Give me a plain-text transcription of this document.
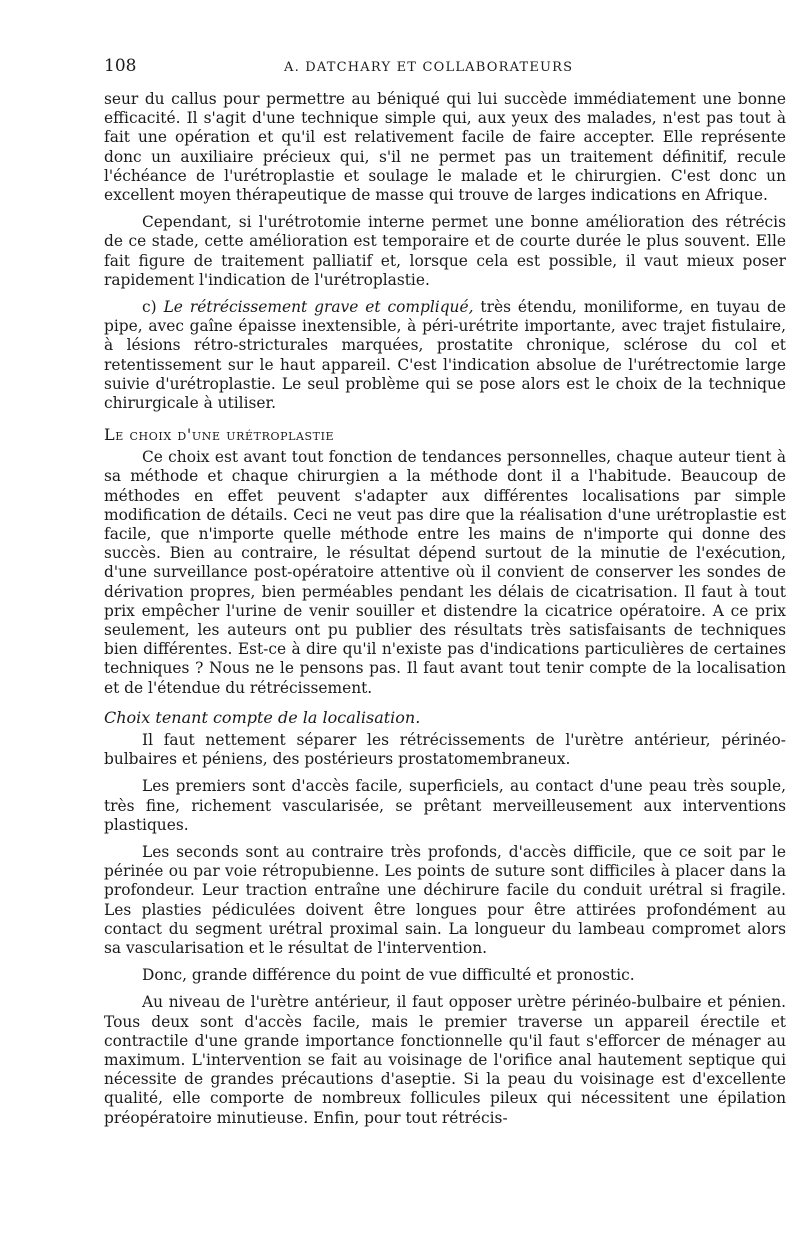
108	A. DATCHARY ET COLLABORATEURS

seur du callus pour permettre au béniqué qui lui succède immédiatement une bonne efficacité. Il s'agit d'une technique simple qui, aux yeux des malades, n'est pas tout à fait une opération et qu'il est relativement facile de faire accepter. Elle représente donc un auxiliaire précieux qui, s'il ne permet pas un traitement définitif, recule l'échéance de l'urétroplastie et soulage le malade et le chirurgien. C'est donc un excellent moyen thérapeutique de masse qui trouve de larges indications en Afrique.

Cependant, si l'urétrotomie interne permet une bonne amélioration des rétrécis de ce stade, cette amélioration est temporaire et de courte durée le plus souvent. Elle fait figure de traitement palliatif et, lorsque cela est possible, il vaut mieux poser rapidement l'indication de l'urétroplastie.

c) Le rétrécissement grave et compliqué, très étendu, moniliforme, en tuyau de pipe, avec gaîne épaisse inextensible, à péri-urétrite importante, avec trajet fistulaire, à lésions rétro-stricturales marquées, prostatite chronique, sclérose du col et retentissement sur le haut appareil. C'est l'indication absolue de l'urétrectomie large suivie d'urétroplastie. Le seul problème qui se pose alors est le choix de la technique chirurgicale à utiliser.

Le choix d'une urétroplastie

Ce choix est avant tout fonction de tendances personnelles, chaque auteur tient à sa méthode et chaque chirurgien a la méthode dont il a l'habitude. Beaucoup de méthodes en effet peuvent s'adapter aux différentes localisations par simple modification de détails. Ceci ne veut pas dire que la réalisation d'une urétroplastie est facile, que n'importe quelle méthode entre les mains de n'importe qui donne des succès. Bien au contraire, le résultat dépend surtout de la minutie de l'exécution, d'une surveillance post-opératoire attentive où il convient de conserver les sondes de dérivation propres, bien perméables pendant les délais de cicatrisation. Il faut à tout prix empêcher l'urine de venir souiller et distendre la cicatrice opératoire. A ce prix seulement, les auteurs ont pu publier des résultats très satisfaisants de techniques bien différentes. Est-ce à dire qu'il n'existe pas d'indications particulières de certaines techniques ? Nous ne le pensons pas. Il faut avant tout tenir compte de la localisation et de l'étendue du rétrécissement.

Choix tenant compte de la localisation.

Il faut nettement séparer les rétrécissements de l'urètre antérieur, périnéo-bulbaires et péniens, des postérieurs prostatomembraneux.

Les premiers sont d'accès facile, superficiels, au contact d'une peau très souple, très fine, richement vascularisée, se prêtant merveilleusement aux interventions plastiques.

Les seconds sont au contraire très profonds, d'accès difficile, que ce soit par le périnée ou par voie rétropubienne. Les points de suture sont difficiles à placer dans la profondeur. Leur traction entraîne une déchirure facile du conduit urétral si fragile. Les plasties pédiculées doivent être longues pour être attirées profondément au contact du segment urétral proximal sain. La longueur du lambeau compromet alors sa vascularisation et le résultat de l'intervention.

Donc, grande différence du point de vue difficulté et pronostic.

Au niveau de l'urètre antérieur, il faut opposer urètre périnéo-bulbaire et pénien. Tous deux sont d'accès facile, mais le premier traverse un appareil érectile et contractile d'une grande importance fonctionnelle qu'il faut s'efforcer de ménager au maximum. L'intervention se fait au voisinage de l'orifice anal hautement septique qui nécessite de grandes précautions d'aseptie. Si la peau du voisinage est d'excellente qualité, elle comporte de nombreux follicules pileux qui nécessitent une épilation préopératoire minutieuse. Enfin, pour tout rétrécis-
